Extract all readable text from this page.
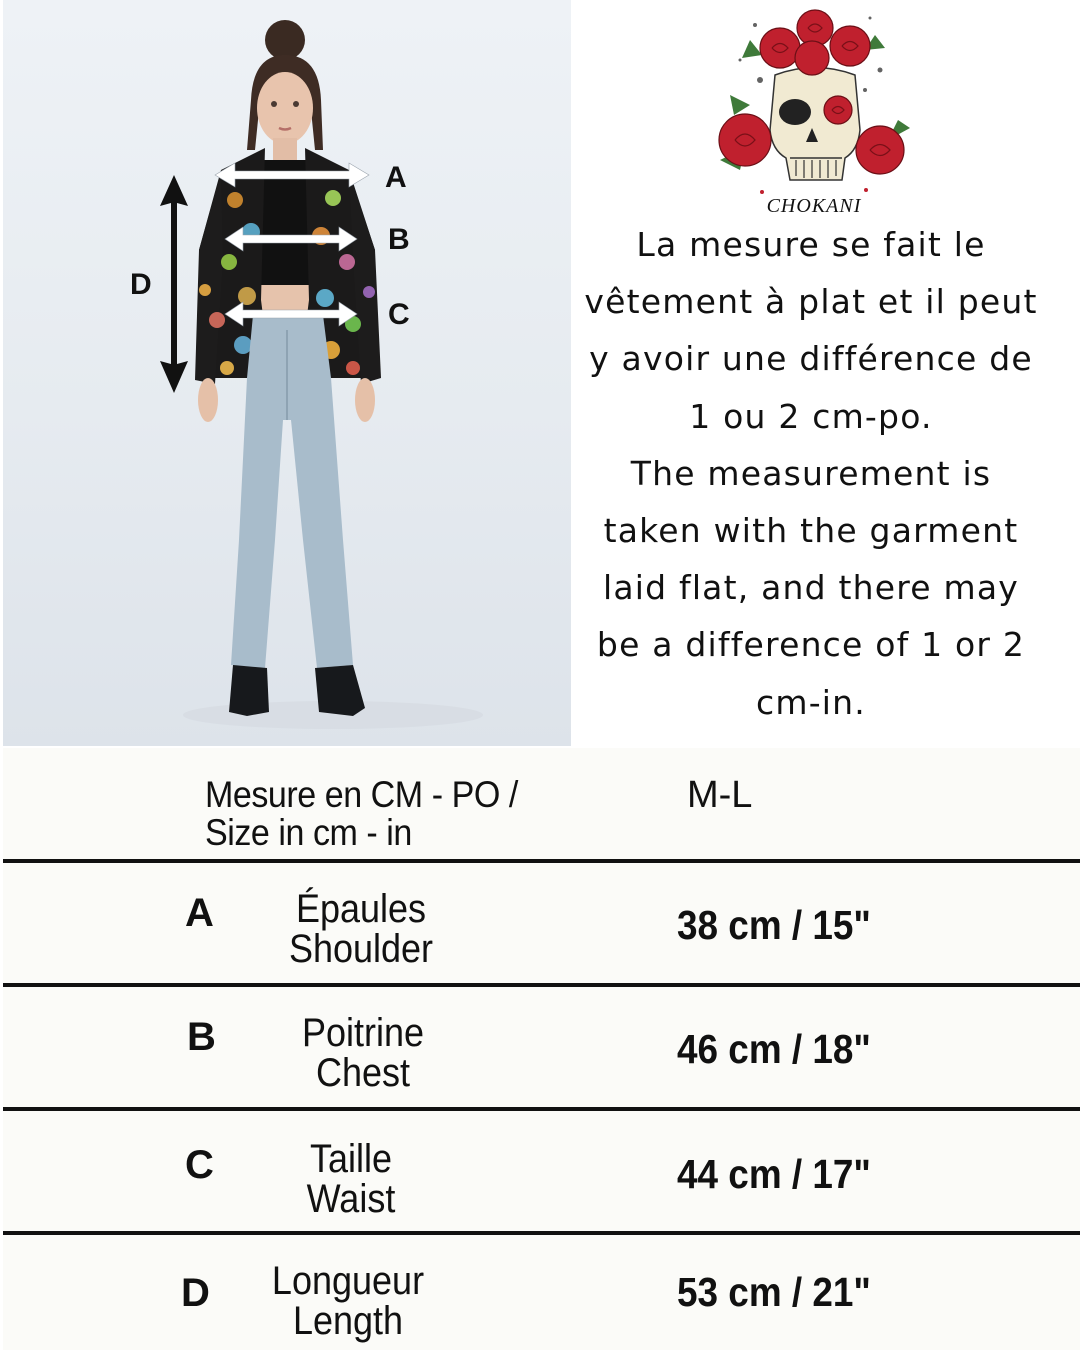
A
B
C
D
CHOKANI

La mesure se fait le

vêtement à plat et il peut

y avoir une différence de

1 ou 2 cm-po.

The measurement is

taken with the garment

laid flat, and there may

be a difference of 1 or 2

cm-in.

Mesure en CM - PO /
Size in cm - in
M-L
A	Épaules
Shoulder
38 cm / 15"
B	Poitrine
Chest
46 cm / 18"
C	Taille
Waist
44 cm / 17"
D	Longueur
Length
53 cm / 21"
